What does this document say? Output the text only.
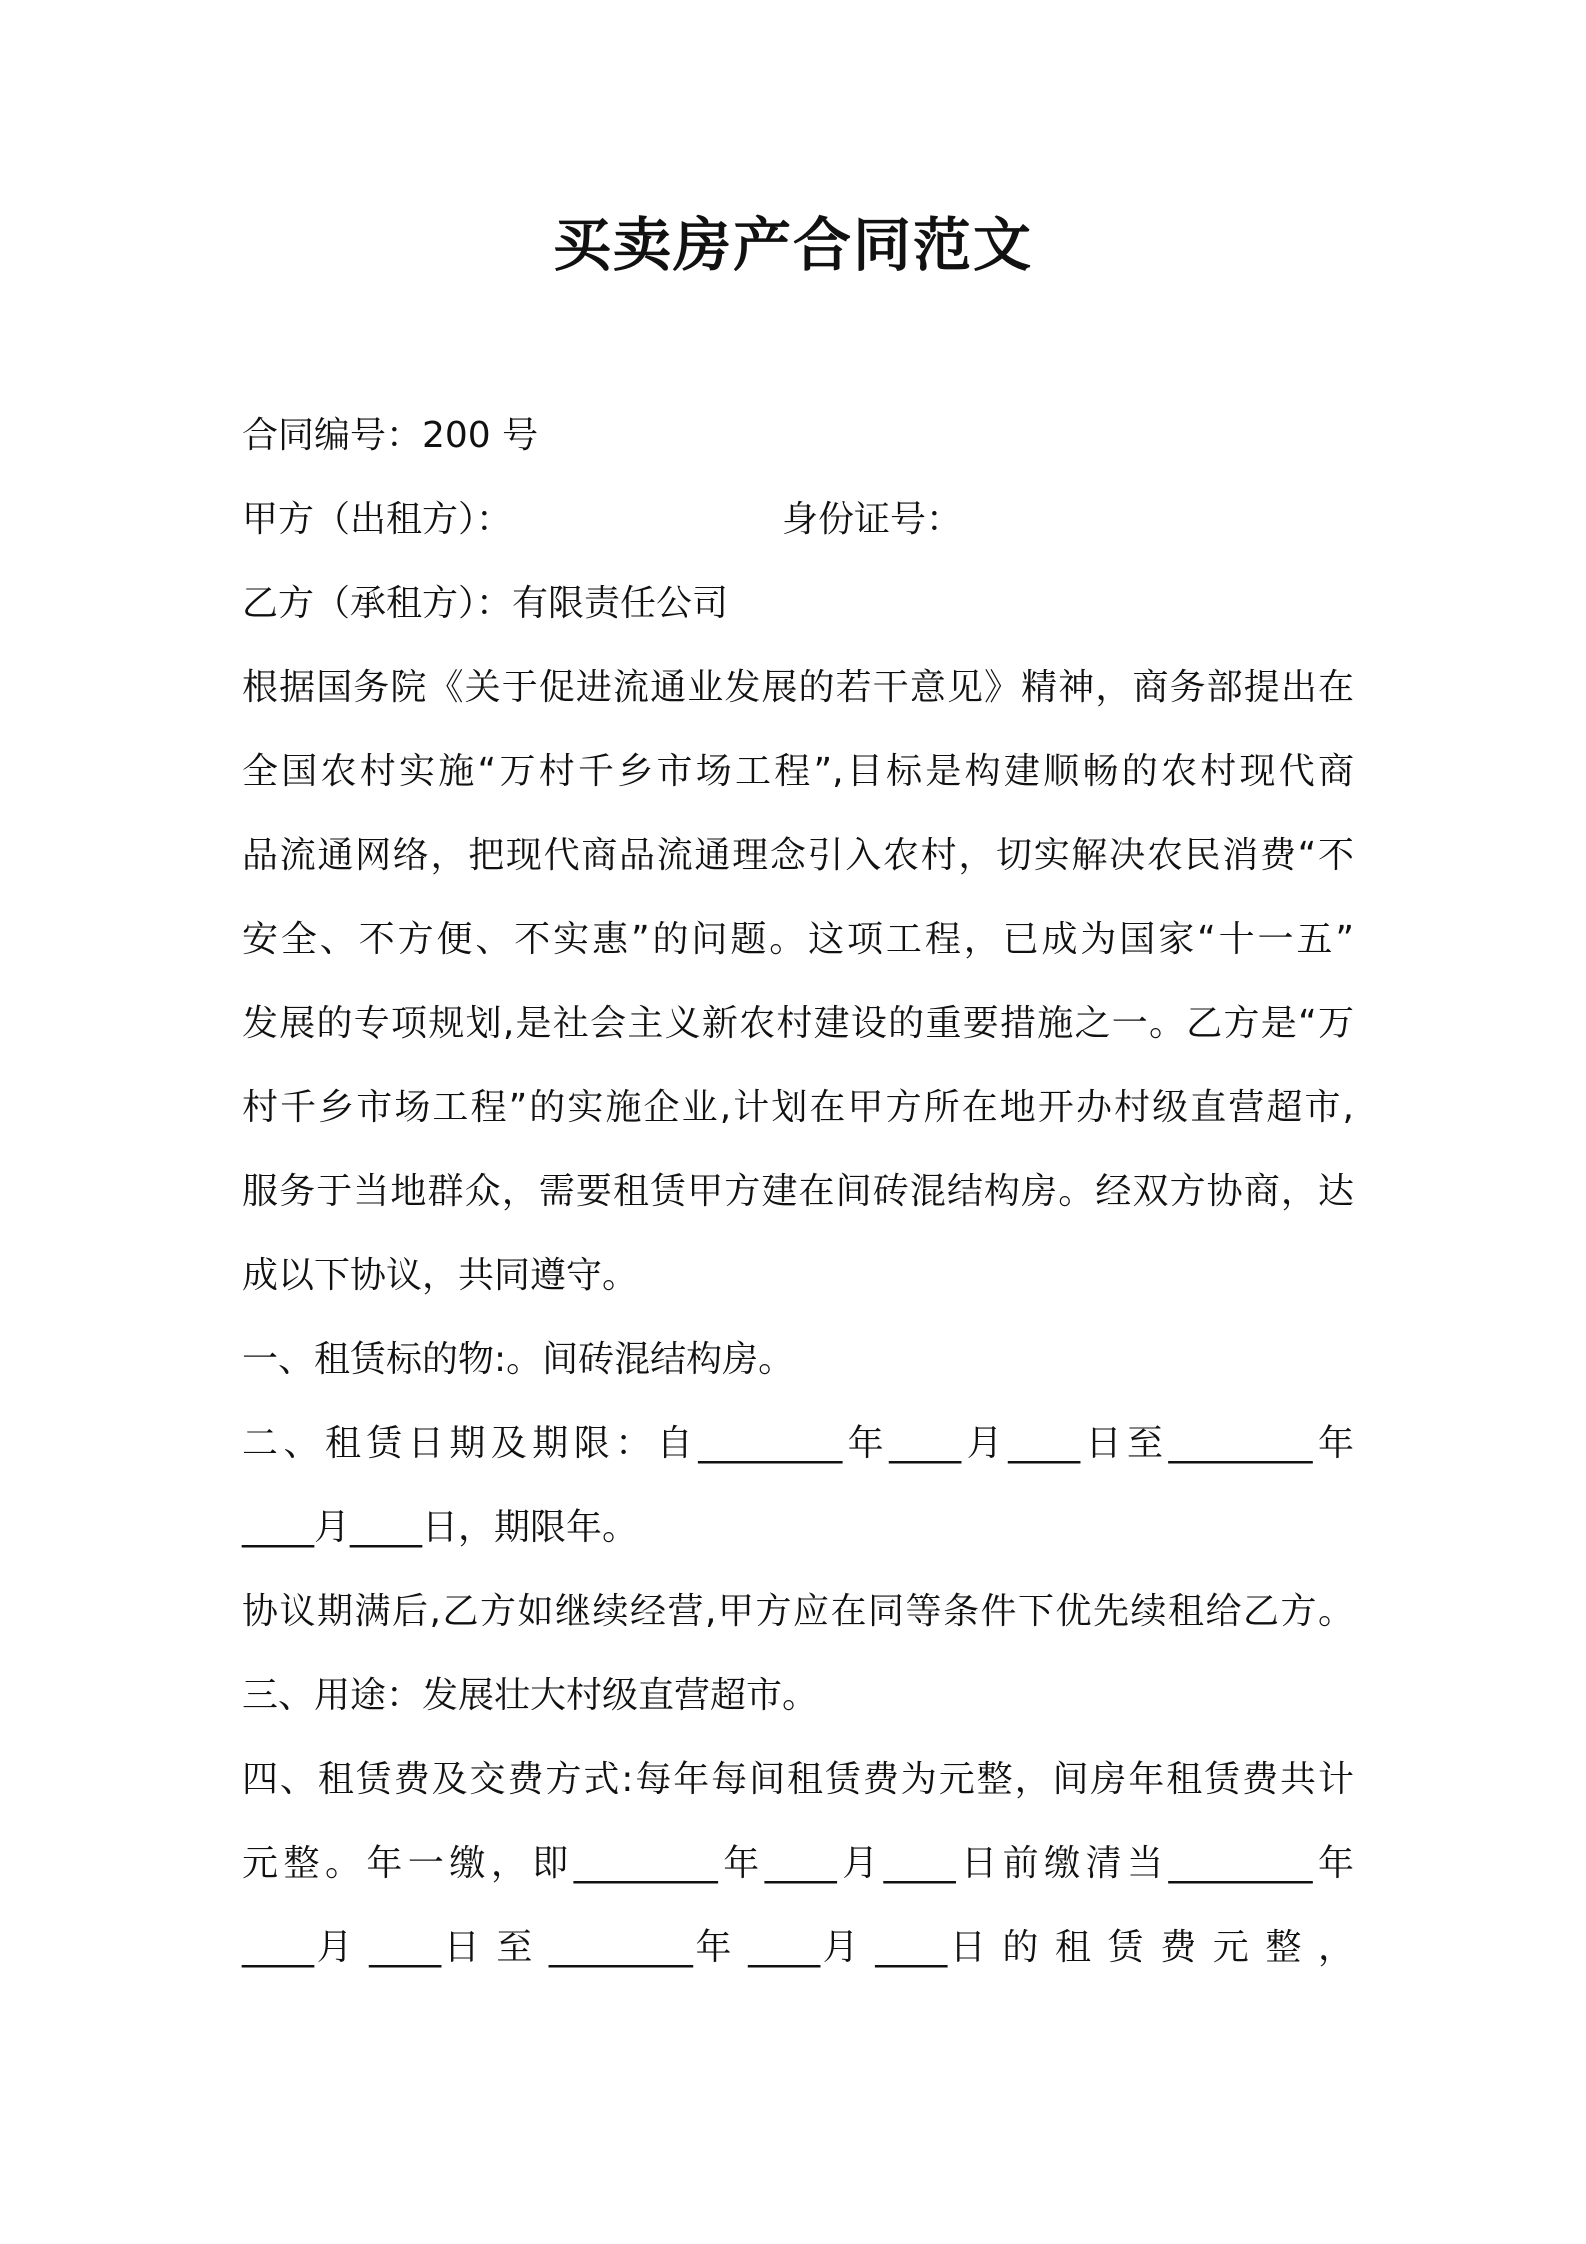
买卖房产合同范文
合同编号：200 号
甲方（出租方）：	身份证号：
乙方（承租方）：有限责任公司
根据国务院《关于促进流通业发展的若干意见》精神，商务部提出在
全国农村实施“万村千乡市场工程”,目标是构建顺畅的农村现代商
品流通网络，把现代商品流通理念引入农村，切实解决农民消费“不
安全、不方便、不实惠”的问题。这项工程，已成为国家“十一五”
发展的专项规划,是社会主义新农村建设的重要措施之一。乙方是“万
村千乡市场工程”的实施企业,计划在甲方所在地开办村级直营超市,
服务于当地群众，需要租赁甲方建在间砖混结构房。经双方协商，达
成以下协议，共同遵守。
一、租赁标的物:。间砖混结构房。
二、租赁日期及期限：自________年____月____日至________年
____月____日，期限年。
协议期满后,乙方如继续经营,甲方应在同等条件下优先续租给乙方。
三、用途：发展壮大村级直营超市。
四、租赁费及交费方式:每年每间租赁费为元整，间房年租赁费共计
元整。年一缴，即________年____月____日前缴清当________年
____月 ____日 至 ________年 ____月 ____日 的 租 赁 费 元 整 ，
